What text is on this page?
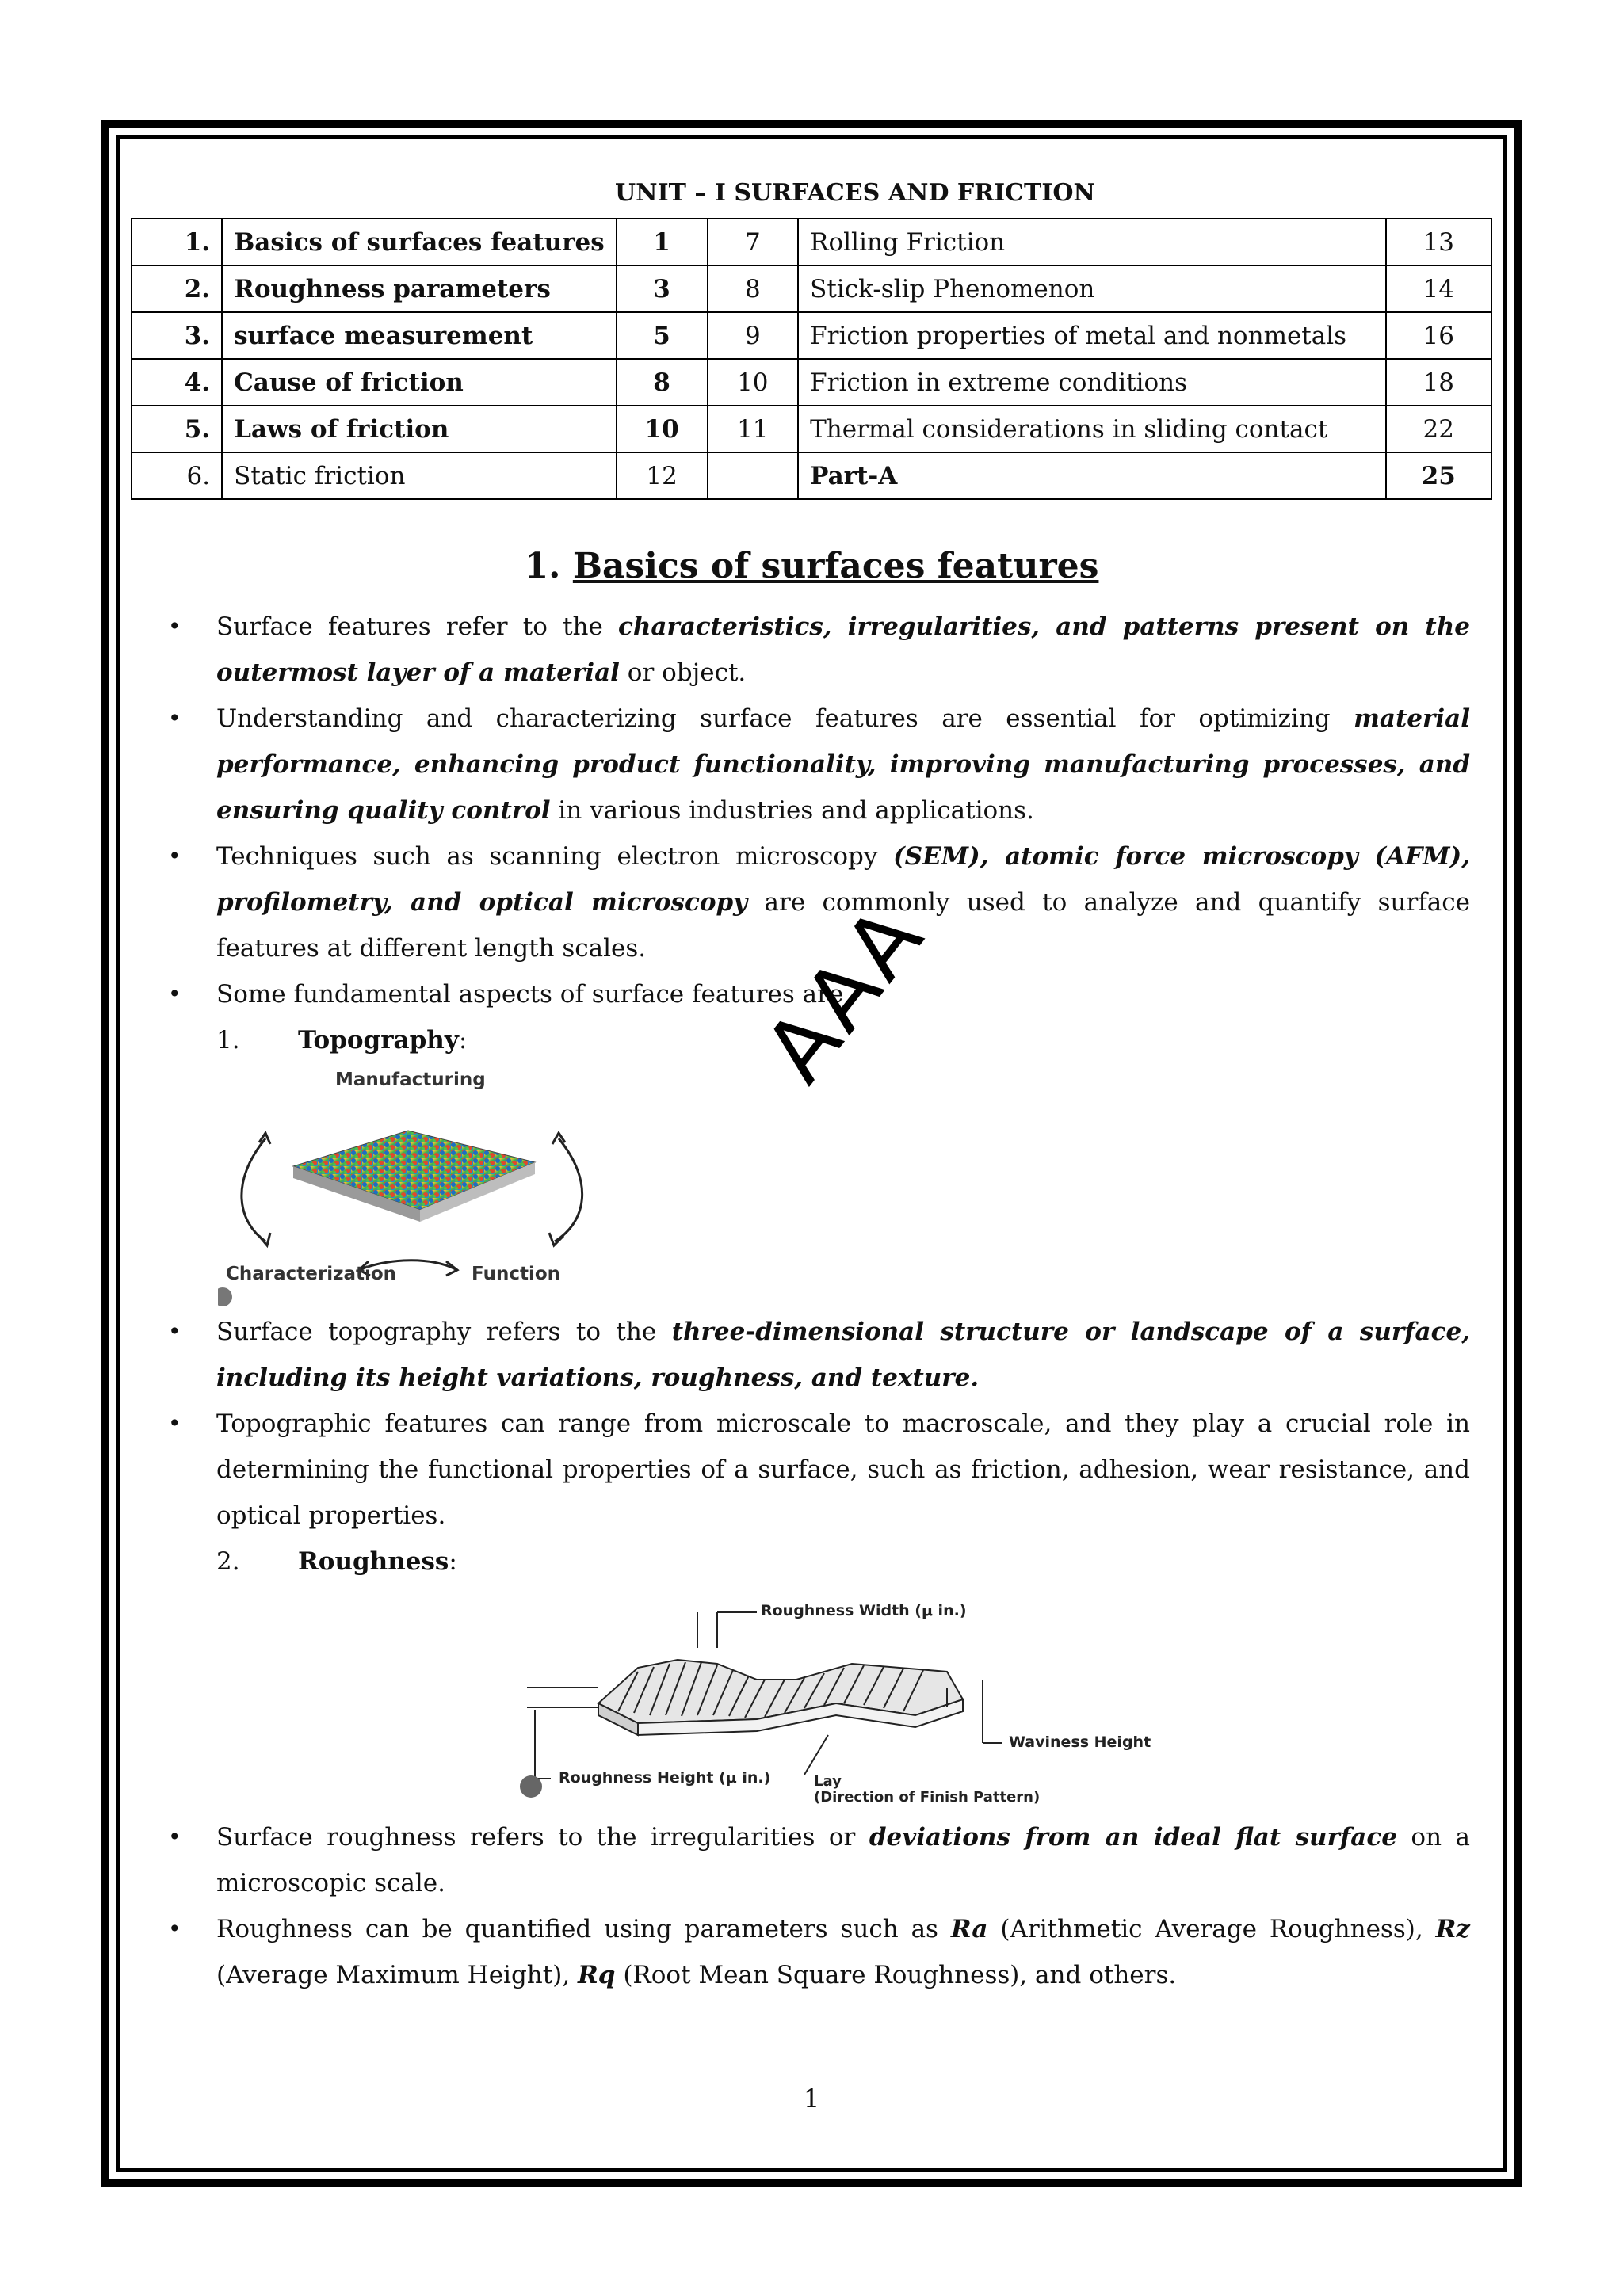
UNIT – I SURFACES AND FRICTION
1.	Basics of surfaces features	1	7	Rolling Friction	13
2.	Roughness parameters	3	8	Stick-slip Phenomenon	14
3.	surface measurement	5	9	Friction properties of metal and nonmetals	16
4.	Cause of friction	8	10	Friction in extreme conditions	18
5.	Laws of friction	10	11	Thermal considerations in sliding contact	22
6.	Static friction	12		Part-A	25
1. Basics of surfaces features

• Surface features refer to the characteristics, irregularities, and patterns present on the outermost layer of a material or object.

• Understanding and characterizing surface features are essential for optimizing material performance, enhancing product functionality, improving manufacturing processes, and ensuring quality control in various industries and applications.

• Techniques such as scanning electron microscopy (SEM), atomic force microscopy (AFM), profilometry, and optical microscopy are commonly used to analyze and quantify surface features at different length scales.

• Some fundamental aspects of surface features are

1. Topography:
Manufacturing
Characterization	Function

• Surface topography refers to the three-dimensional structure or landscape of a surface, including its height variations, roughness, and texture.

• Topographic features can range from microscale to macroscale, and they play a crucial role in determining the functional properties of a surface, such as friction, adhesion, wear resistance, and optical properties.

2. Roughness:
Roughness Width (μ in.)
Roughness Height (μ in.)
Waviness Height
Lay
(Direction of Finish Pattern)

• Surface roughness refers to the irregularities or deviations from an ideal flat surface on a microscopic scale.

• Roughness can be quantified using parameters such as Ra (Arithmetic Average Roughness), Rz (Average Maximum Height), Rq (Root Mean Square Roughness), and others.

AAA
1
